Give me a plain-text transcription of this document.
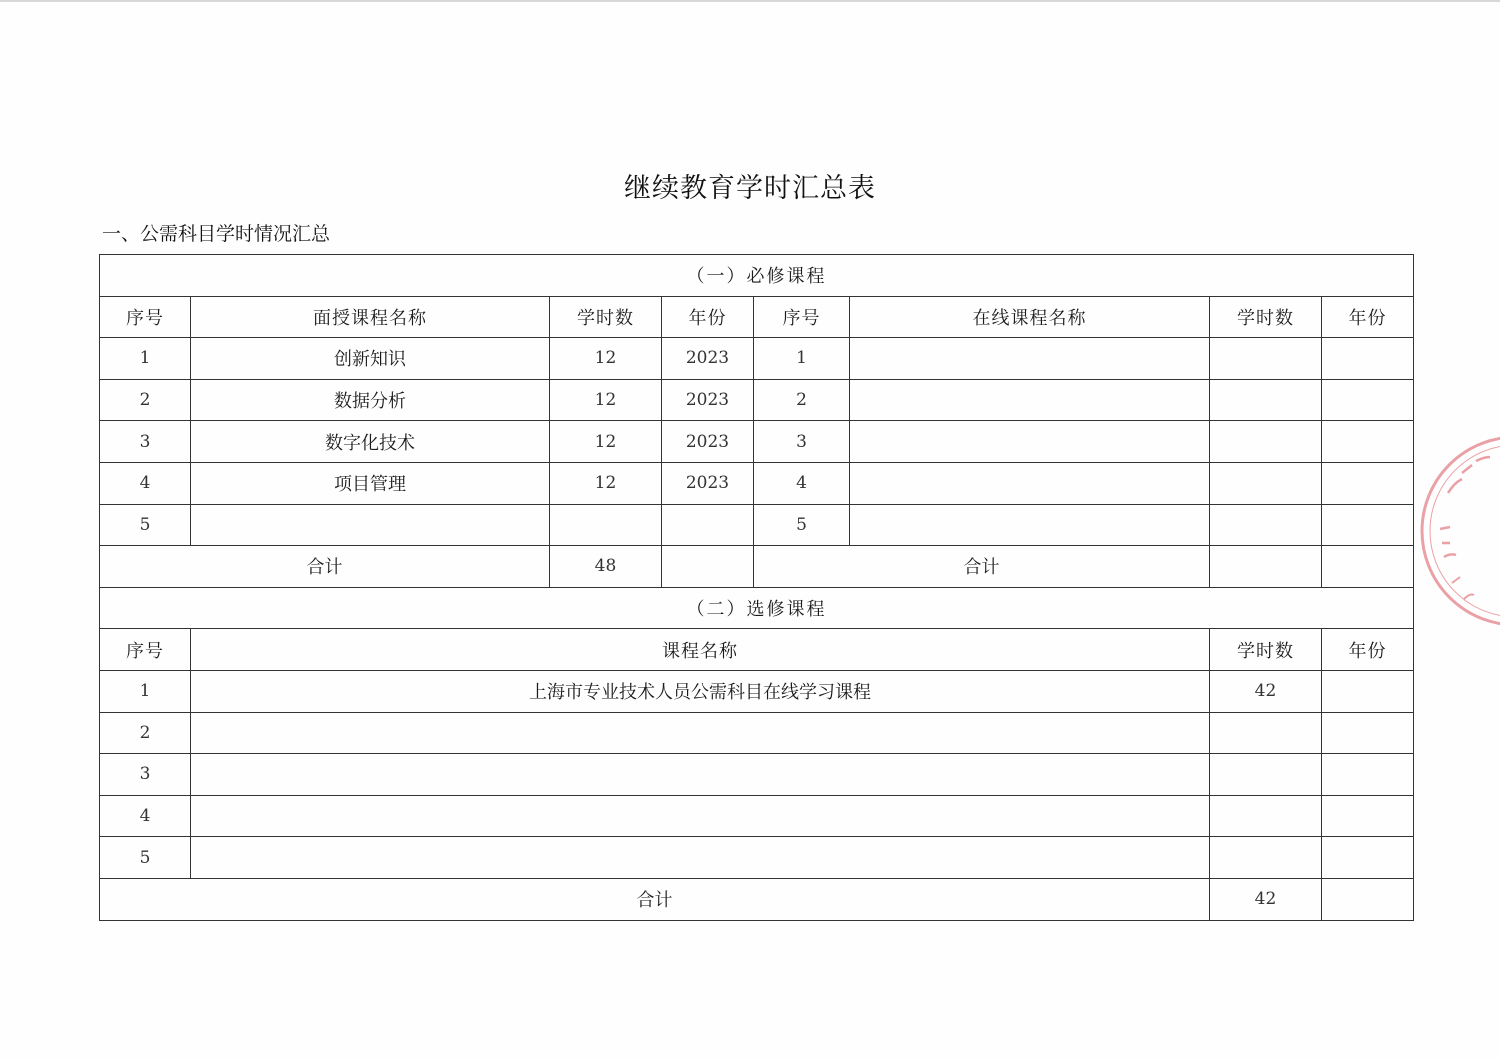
继续教育学时汇总表
一、公需科目学时情况汇总
（一）必修课程							
序号	面授课程名称	学时数	年份	序号	在线课程名称	学时数	年份
1	创新知识	12	2023	1			
2	数据分析	12	2023	2			
3	数字化技术	12	2023	3			
4	项目管理	12	2023	4			
5				5			
合计		48		合计			
（二）选修课程							
序号	课程名称					学时数	年份
1	上海市专业技术人员公需科目在线学习课程					42	
2							
3							
4							
5							
合计						42	
